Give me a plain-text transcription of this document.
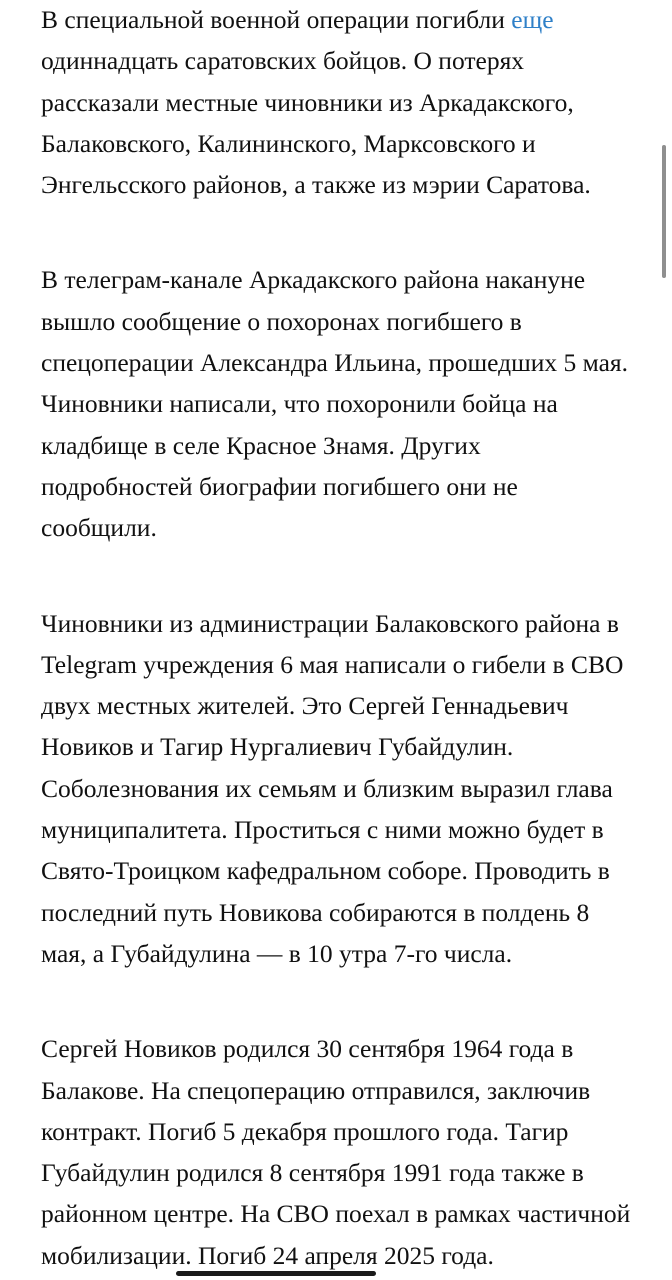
В специальной военной операции погибли еще
одиннадцать саратовских бойцов. О потерях
рассказали местные чиновники из Аркадакского,
Балаковского, Калининского, Марксовского и
Энгельсского районов, а также из мэрии Саратова.

В телеграм-канале Аркадакского района накануне
вышло сообщение о похоронах погибшего в
спецоперации Александра Ильина, прошедших 5 мая.
Чиновники написали, что похоронили бойца на
кладбище в селе Красное Знамя. Других
подробностей биографии погибшего они не
сообщили.

Чиновники из администрации Балаковского района в
Telegram учреждения 6 мая написали о гибели в СВО
двух местных жителей. Это Сергей Геннадьевич
Новиков и Тагир Нургалиевич Губайдулин.
Соболезнования их семьям и близким выразил глава
муниципалитета. Проститься с ними можно будет в
Свято-Троицком кафедральном соборе. Проводить в
последний путь Новикова собираются в полдень 8
мая, а Губайдулина — в 10 утра 7-го числа.

Сергей Новиков родился 30 сентября 1964 года в
Балакове. На спецоперацию отправился, заключив
контракт. Погиб 5 декабря прошлого года. Тагир
Губайдулин родился 8 сентября 1991 года также в
районном центре. На СВО поехал в рамках частичной
мобилизации. Погиб 24 апреля 2025 года.
